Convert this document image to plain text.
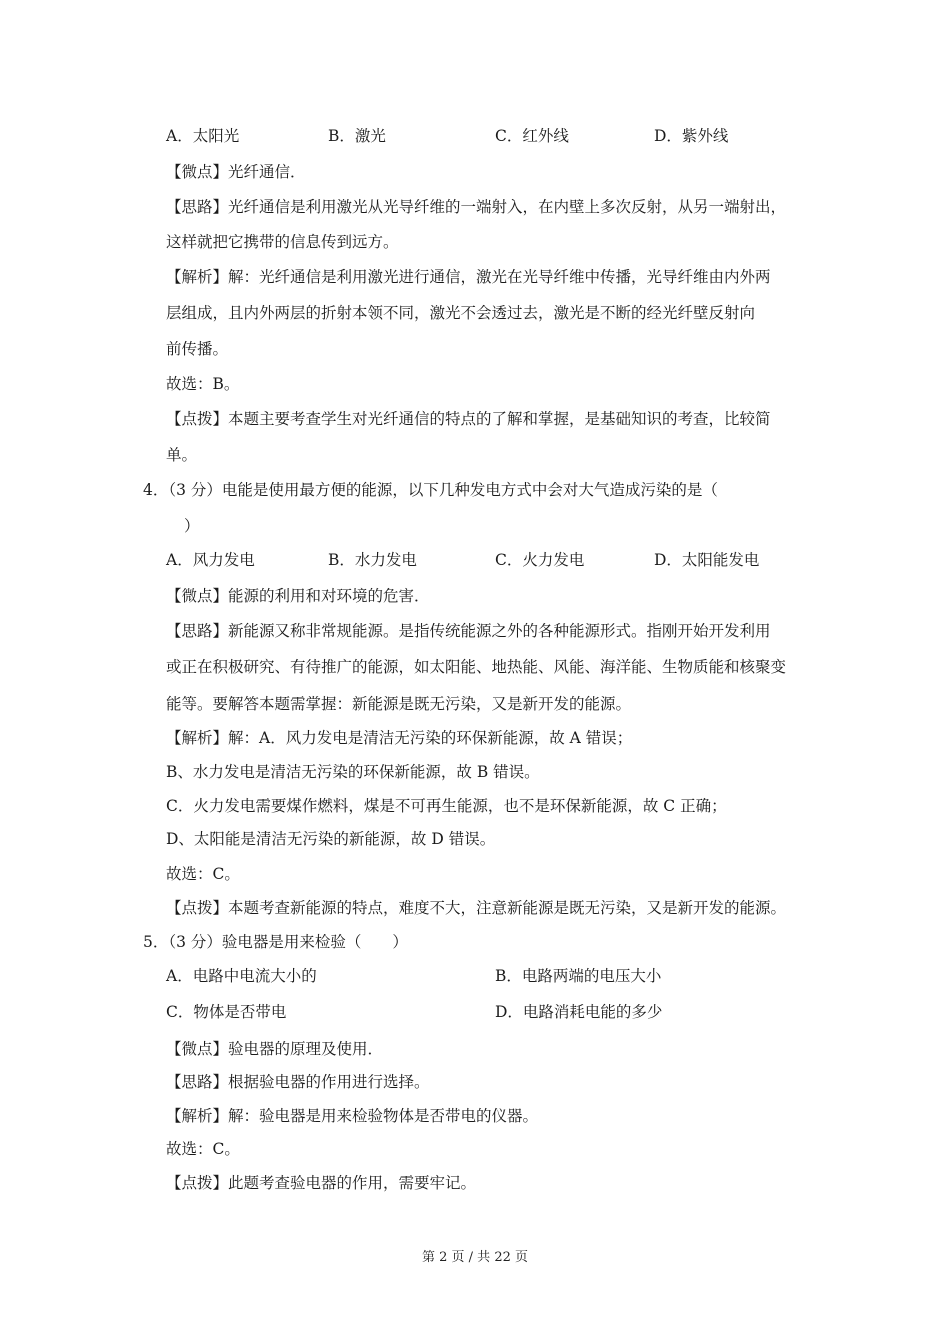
A．太阳光	B．激光	C．红外线	D．紫外线
【微点】光纤通信．
【思路】光纤通信是利用激光从光导纤维的一端射入，在内壁上多次反射，从另一端射出，
这样就把它携带的信息传到远方。
【解析】解：光纤通信是利用激光进行通信，激光在光导纤维中传播，光导纤维由内外两
层组成，且内外两层的折射本领不同，激光不会透过去，激光是不断的经光纤壁反射向
前传播。
故选：B。
【点拨】本题主要考查学生对光纤通信的特点的了解和掌握，是基础知识的考查，比较简
单。
4．（3 分）电能是使用最方便的能源，以下几种发电方式中会对大气造成污染的是（
）
A．风力发电	B．水力发电	C．火力发电	D．太阳能发电
【微点】能源的利用和对环境的危害．
【思路】新能源又称非常规能源。是指传统能源之外的各种能源形式。指刚开始开发利用
或正在积极研究、有待推广的能源，如太阳能、地热能、风能、海洋能、生物质能和核聚变
能等。要解答本题需掌握：新能源是既无污染，又是新开发的能源。
【解析】解：A．风力发电是清洁无污染的环保新能源，故 A 错误；
B、水力发电是清洁无污染的环保新能源，故 B 错误。
C．火力发电需要煤作燃料，煤是不可再生能源，也不是环保新能源，故 C 正确；
D、太阳能是清洁无污染的新能源，故 D 错误。
故选：C。
【点拨】本题考查新能源的特点，难度不大，注意新能源是既无污染，又是新开发的能源。
5．（3 分）验电器是用来检验（　　）
A．电路中电流大小的	B．电路两端的电压大小
C．物体是否带电	D．电路消耗电能的多少
【微点】验电器的原理及使用．
【思路】根据验电器的作用进行选择。
【解析】解：验电器是用来检验物体是否带电的仪器。
故选：C。
【点拨】此题考查验电器的作用，需要牢记。
第 2 页 / 共 22 页
